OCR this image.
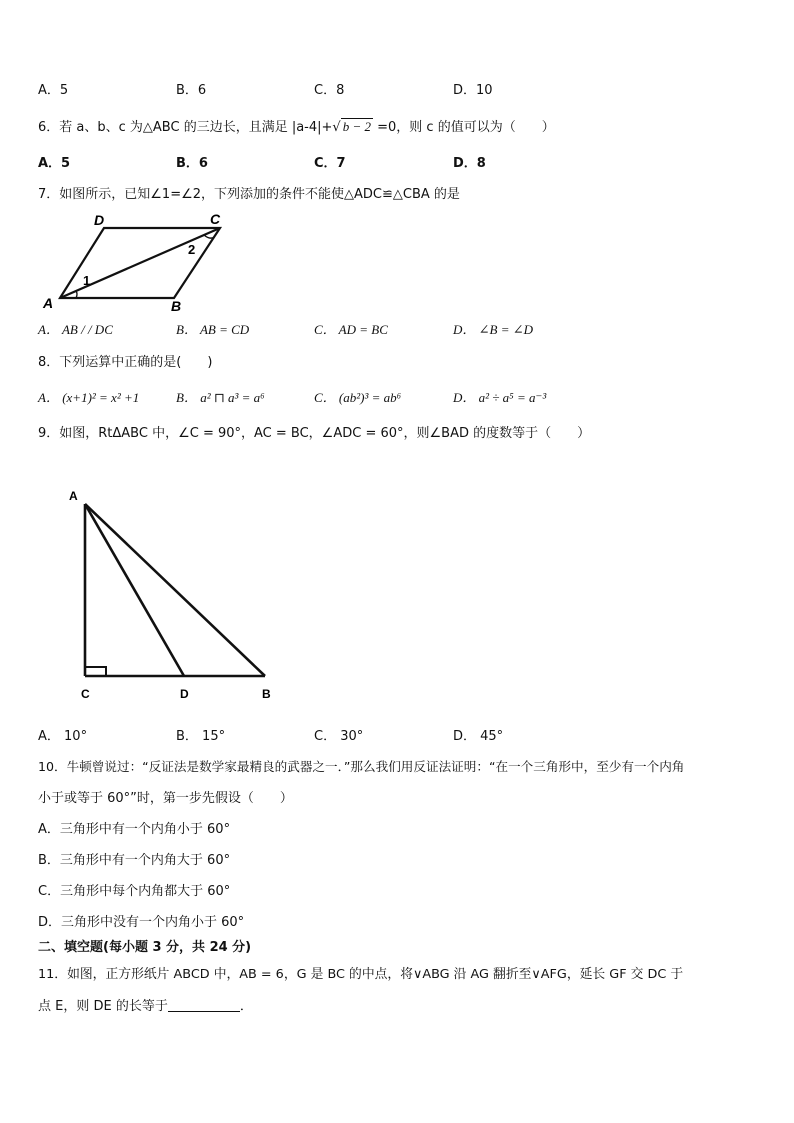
A．5	B．6	C．8	D．10
6．若 a、b、c 为△ABC 的三边长，且满足 |a-4|+√ b − 2 =0，则 c 的值可以为（　　）
A．5	B．6	C．7	D．8
7．如图所示，已知∠1=∠2，下列添加的条件不能使△ADC≌△CBA 的是
D	C
A	B
1
2
A． AB / / DC	B． AB = CD	C． AD = BC	D． ∠B = ∠D
8．下列运算中正确的是(　　)
A． (x+1)² = x² +1	B． a² ⊓ a³ = a⁶	C． (ab²)³ = ab⁶	D． a² ÷ a⁵ = a⁻³
9．如图，RtΔABC 中，∠C = 90°，AC = BC，∠ADC = 60°，则∠BAD 的度数等于（　　）
A
C	D	B
A． 10°	B． 15°	C． 30°	D． 45°
10．牛顿曾说过：“反证法是数学家最精良的武器之一．”那么我们用反证法证明：“在一个三角形中，至少有一个内角
小于或等于 60°”时，第一步先假设（　　）
A．三角形中有一个内角小于 60°
B．三角形中有一个内角大于 60°
C．三角形中每个内角都大于 60°
D．三角形中没有一个内角小于 60°
二、填空题(每小题 3 分，共 24 分)
11．如图，正方形纸片 ABCD 中，AB = 6，G 是 BC 的中点，将∨ABG 沿 AG 翻折至∨AFG，延长 GF 交 DC 于
点 E，则 DE 的长等于	．
